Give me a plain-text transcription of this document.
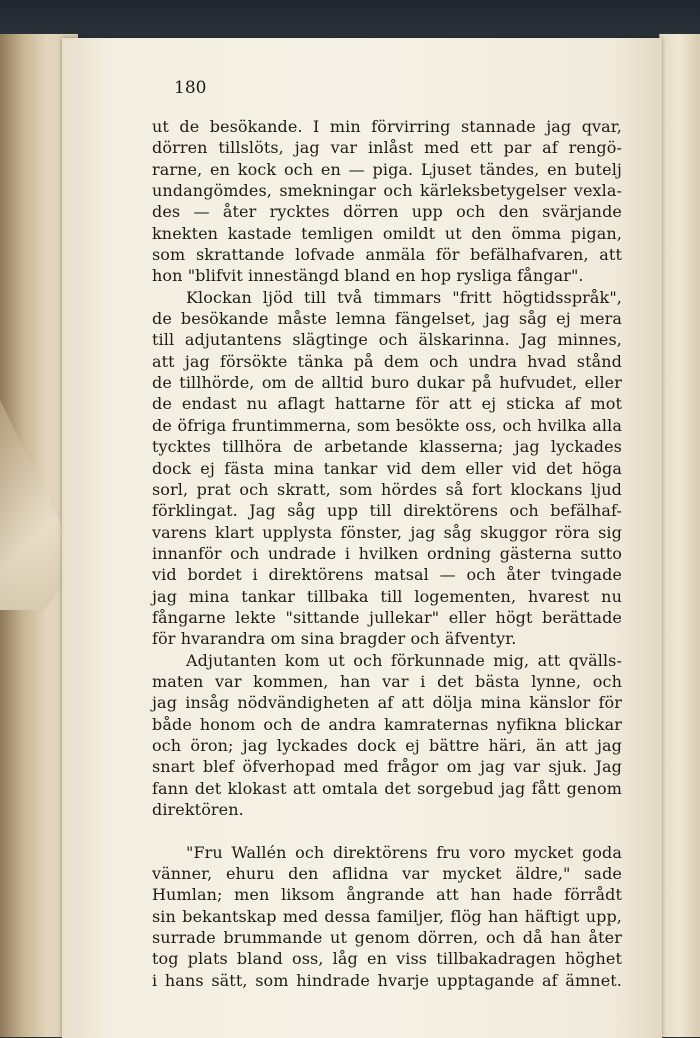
180

ut de besökande. I min förvirring stannade jag qvar,
dörren tillslöts, jag var inlåst med ett par af rengö-
rarne, en kock och en — piga. Ljuset tändes, en butelj
undangömdes, smekningar och kärleksbetygelser vexla-
des — åter rycktes dörren upp och den svärjande
knekten kastade temligen omildt ut den ömma pigan,
som skrattande lofvade anmäla för befälhafvaren, att
hon "blifvit innestängd bland en hop rysliga fångar".
Klockan ljöd till två timmars "fritt högtidsspråk",
de besökande måste lemna fängelset, jag såg ej mera
till adjutantens slägtinge och älskarinna. Jag minnes,
att jag försökte tänka på dem och undra hvad stånd
de tillhörde, om de alltid buro dukar på hufvudet, eller
de endast nu aflagt hattarne för att ej sticka af mot
de öfriga fruntimmerna, som besökte oss, och hvilka alla
tycktes tillhöra de arbetande klasserna; jag lyckades
dock ej fästa mina tankar vid dem eller vid det höga
sorl, prat och skratt, som hördes så fort klockans ljud
förklingat. Jag såg upp till direktörens och befälhaf-
varens klart upplysta fönster, jag såg skuggor röra sig
innanför och undrade i hvilken ordning gästerna sutto
vid bordet i direktörens matsal — och åter tvingade
jag mina tankar tillbaka till logementen, hvarest nu
fångarne lekte "sittande jullekar" eller högt berättade
för hvarandra om sina bragder och äfventyr.
Adjutanten kom ut och förkunnade mig, att qvälls-
maten var kommen, han var i det bästa lynne, och
jag insåg nödvändigheten af att dölja mina känslor för
både honom och de andra kamraternas nyfikna blickar
och öron; jag lyckades dock ej bättre häri, än att jag
snart blef öfverhopad med frågor om jag var sjuk. Jag
fann det klokast att omtala det sorgebud jag fått genom
direktören.

"Fru Wallén och direktörens fru voro mycket goda
vänner, ehuru den aflidna var mycket äldre," sade
Humlan; men liksom ångrande att han hade förrådt
sin bekantskap med dessa familjer, flög han häftigt upp,
surrade brummande ut genom dörren, och då han åter
tog plats bland oss, låg en viss tillbakadragen höghet
i hans sätt, som hindrade hvarje upptagande af ämnet.
